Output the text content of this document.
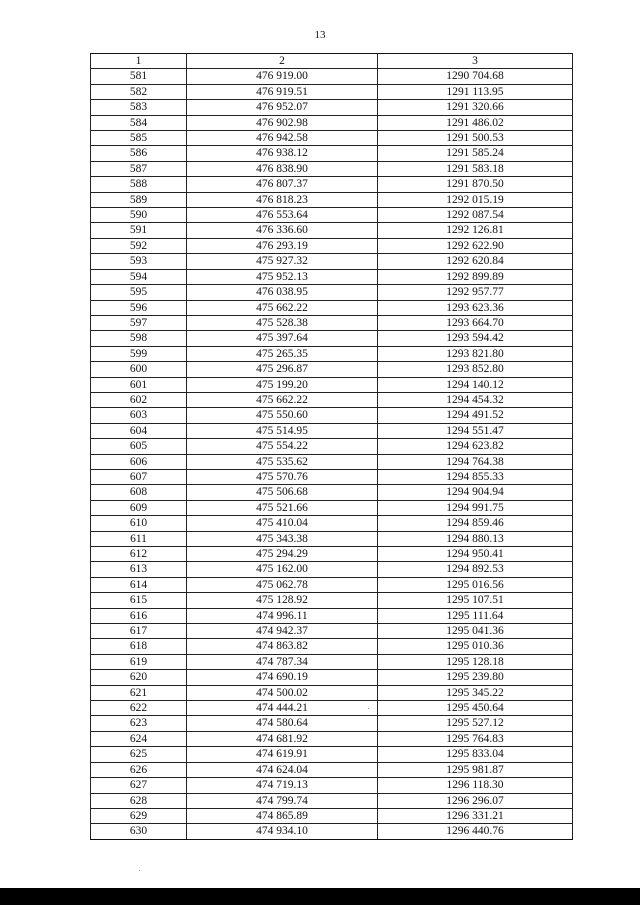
13
1	2	3
581	476 919.00	1290 704.68
582	476 919.51	1291 113.95
583	476 952.07	1291 320.66
584	476 902.98	1291 486.02
585	476 942.58	1291 500.53
586	476 938.12	1291 585.24
587	476 838.90	1291 583.18
588	476 807.37	1291 870.50
589	476 818.23	1292 015.19
590	476 553.64	1292 087.54
591	476 336.60	1292 126.81
592	476 293.19	1292 622.90
593	475 927.32	1292 620.84
594	475 952.13	1292 899.89
595	476 038.95	1292 957.77
596	475 662.22	1293 623.36
597	475 528.38	1293 664.70
598	475 397.64	1293 594.42
599	475 265.35	1293 821.80
600	475 296.87	1293 852.80
601	475 199.20	1294 140.12
602	475 662.22	1294 454.32
603	475 550.60	1294 491.52
604	475 514.95	1294 551.47
605	475 554.22	1294 623.82
606	475 535.62	1294 764.38
607	475 570.76	1294 855.33
608	475 506.68	1294 904.94
609	475 521.66	1294 991.75
610	475 410.04	1294 859.46
611	475 343.38	1294 880.13
612	475 294.29	1294 950.41
613	475 162.00	1294 892.53
614	475 062.78	1295 016.56
615	475 128.92	1295 107.51
616	474 996.11	1295 111.64
617	474 942.37	1295 041.36
618	474 863.82	1295 010.36
619	474 787.34	1295 128.18
620	474 690.19	1295 239.80
621	474 500.02	1295 345.22
622	474 444.21	1295 450.64
623	474 580.64	1295 527.12
624	474 681.92	1295 764.83
625	474 619.91	1295 833.04
626	474 624.04	1295 981.87
627	474 719.13	1296 118.30
628	474 799.74	1296 296.07
629	474 865.89	1296 331.21
630	474 934.10	1296 440.76
